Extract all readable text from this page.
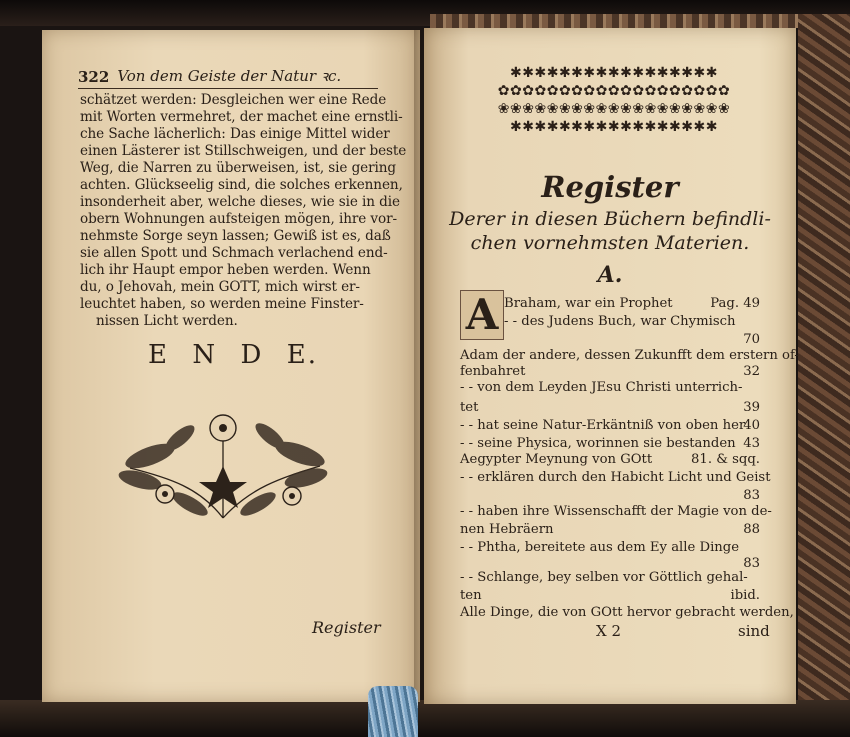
322 Von dem Geiste der Natur ꝛc.
schätzet werden: Desgleichen wer eine Rede
mit Worten vermehret, der machet eine ernstli-
che Sache lächerlich: Das einige Mittel wider
einen Lästerer ist Stillschweigen, und der beste
Weg, die Narren zu überweisen, ist, sie gering
achten. Glückseelig sind, die solches erkennen,
insonderheit aber, welche dieses, wie sie in die
obern Wohnungen aufsteigen mögen, ihre vor-
nehmste Sorge seyn lassen; Gewiß ist es, daß
sie allen Spott und Schmach verlachend end-
lich ihr Haupt empor heben werden. Wenn
du, o Jehovah, mein GOTT, mich wirst er-
leuchtet haben, so werden meine Finster-
nissen Licht werden.
E N D E.
Register
✱✱✱✱✱✱✱✱✱✱✱✱✱✱✱✱✱
✿✿✿✿✿✿✿✿✿✿✿✿✿✿✿✿✿✿✿
❀❀❀❀❀❀❀❀❀❀❀❀❀❀❀❀❀❀❀
✱✱✱✱✱✱✱✱✱✱✱✱✱✱✱✱✱
Register
Derer in diesen Büchern befindli-
chen vornehmsten Materien.
A.
A Braham, war ein Prophet	Pag. 49
- - des Judens Buch, war Chymisch
70
Adam der andere, dessen Zukunfft dem erstern of-
fenbahret	32
- - von dem Leyden JEsu Christi unterrich-
tet	39
- - hat seine Natur-Erkäntniß von oben her
40
- - seine Physica, worinnen sie bestanden 43
Aegypter Meynung von GOtt	81. & sqq.
- - erklären durch den Habicht Licht und Geist
83
- - haben ihre Wissenschafft der Magie von de-
nen Hebräern	88
- - Phtha, bereitete aus dem Ey alle Dinge
83
- - Schlange, bey selben vor Göttlich gehal-
ten	ibid.
Alle Dinge, die von GOtt hervor gebracht werden,
X 2	sind
